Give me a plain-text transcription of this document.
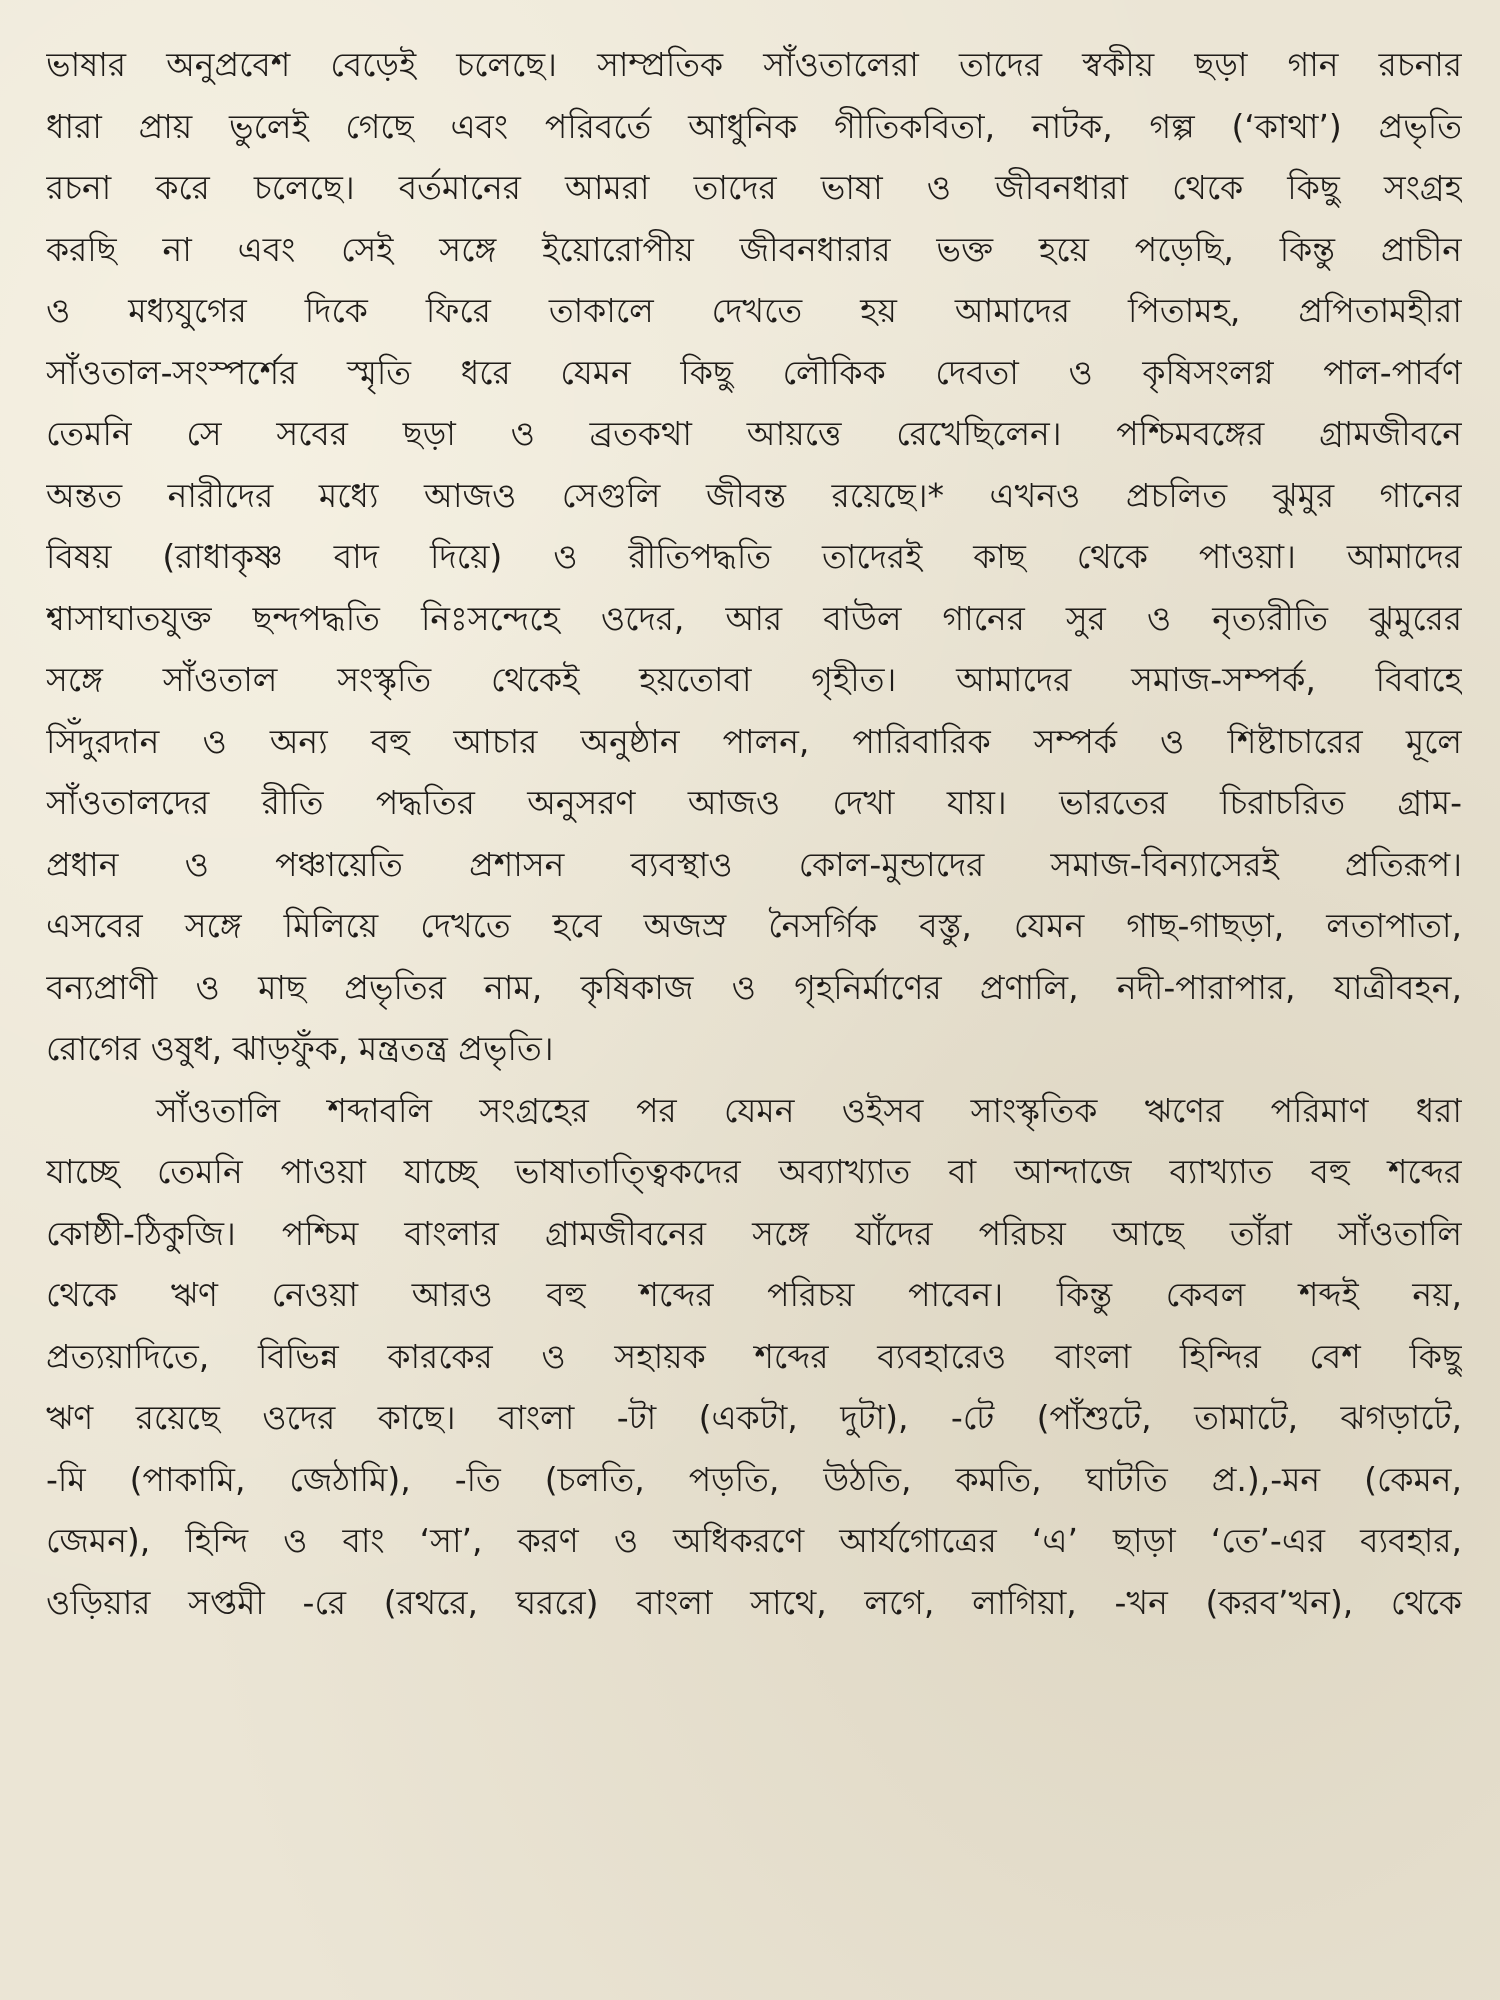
ভাষার অনুপ্রবেশ বেড়েই চলেছে। সাম্প্রতিক সাঁওতালেরা তাদের স্বকীয় ছড়া গান রচনার
ধারা প্রায় ভুলেই গেছে এবং পরিবর্তে আধুনিক গীতিকবিতা, নাটক, গল্প (‘কাথা’) প্রভৃতি
রচনা করে চলেছে। বর্তমানের আমরা তাদের ভাষা ও জীবনধারা থেকে কিছু সংগ্রহ
করছি না এবং সেই সঙ্গে ইয়োরোপীয় জীবনধারার ভক্ত হয়ে পড়েছি, কিন্তু প্রাচীন
ও মধ্যযুগের দিকে ফিরে তাকালে দেখতে হয় আমাদের পিতামহ, প্রপিতামহীরা
সাঁওতাল-সংস্পর্শের স্মৃতি ধরে যেমন কিছু লৌকিক দেবতা ও কৃষিসংলগ্ন পাল-পার্বণ
তেমনি সে সবের ছড়া ও ব্রতকথা আয়ত্তে রেখেছিলেন। পশ্চিমবঙ্গের গ্রামজীবনে
অন্তত নারীদের মধ্যে আজও সেগুলি জীবন্ত রয়েছে।* এখনও প্রচলিত ঝুমুর গানের
বিষয় (রাধাকৃষ্ণ বাদ দিয়ে) ও রীতিপদ্ধতি তাদেরই কাছ থেকে পাওয়া। আমাদের
শ্বাসাঘাতযুক্ত ছন্দপদ্ধতি নিঃসন্দেহে ওদের, আর বাউল গানের সুর ও নৃত্যরীতি ঝুমুরের
সঙ্গে সাঁওতাল সংস্কৃতি থেকেই হয়তোবা গৃহীত। আমাদের সমাজ-সম্পর্ক, বিবাহে
সিঁদুরদান ও অন্য বহু আচার অনুষ্ঠান পালন, পারিবারিক সম্পর্ক ও শিষ্টাচারের মূলে
সাঁওতালদের রীতি পদ্ধতির অনুসরণ আজও দেখা যায়। ভারতের চিরাচরিত গ্রাম-
প্রধান ও পঞ্চায়েতি প্রশাসন ব্যবস্থাও কোল-মুন্ডাদের সমাজ-বিন্যাসেরই প্রতিরূপ।
এসবের সঙ্গে মিলিয়ে দেখতে হবে অজস্র নৈসর্গিক বস্তু, যেমন গাছ-গাছড়া, লতাপাতা,
বন্যপ্রাণী ও মাছ প্রভৃতির নাম, কৃষিকাজ ও গৃহনির্মাণের প্রণালি, নদী-পারাপার, যাত্রীবহন,
রোগের ওষুধ, ঝাড়ফুঁক, মন্ত্রতন্ত্র প্রভৃতি।
সাঁওতালি শব্দাবলি সংগ্রহের পর যেমন ওইসব সাংস্কৃতিক ঋণের পরিমাণ ধরা
যাচ্ছে তেমনি পাওয়া যাচ্ছে ভাষাতাত্ত্বিকদের অব্যাখ্যাত বা আন্দাজে ব্যাখ্যাত বহু শব্দের
কোষ্ঠী-ঠিকুজি। পশ্চিম বাংলার গ্রামজীবনের সঙ্গে যাঁদের পরিচয় আছে তাঁরা সাঁওতালি
থেকে ঋণ নেওয়া আরও বহু শব্দের পরিচয় পাবেন। কিন্তু কেবল শব্দই নয়,
প্রত্যয়াদিতে, বিভিন্ন কারকের ও সহায়ক শব্দের ব্যবহারেও বাংলা হিন্দির বেশ কিছু
ঋণ রয়েছে ওদের কাছে। বাংলা -টা (একটা, দুটা), -টে (পাঁশুটে, তামাটে, ঝগড়াটে,
-মি (পাকামি, জেঠামি), -তি (চলতি, পড়তি, উঠতি, কমতি, ঘাটতি প্র.),-মন (কেমন,
জেমন), হিন্দি ও বাং ‘সা’, করণ ও অধিকরণে আর্যগোত্রের ‘এ’ ছাড়া ‘তে’-এর ব্যবহার,
ওড়িয়ার সপ্তমী -রে (রথরে, ঘররে) বাংলা সাথে, লগে, লাগিয়া, -খন (করব’খন), থেকে
